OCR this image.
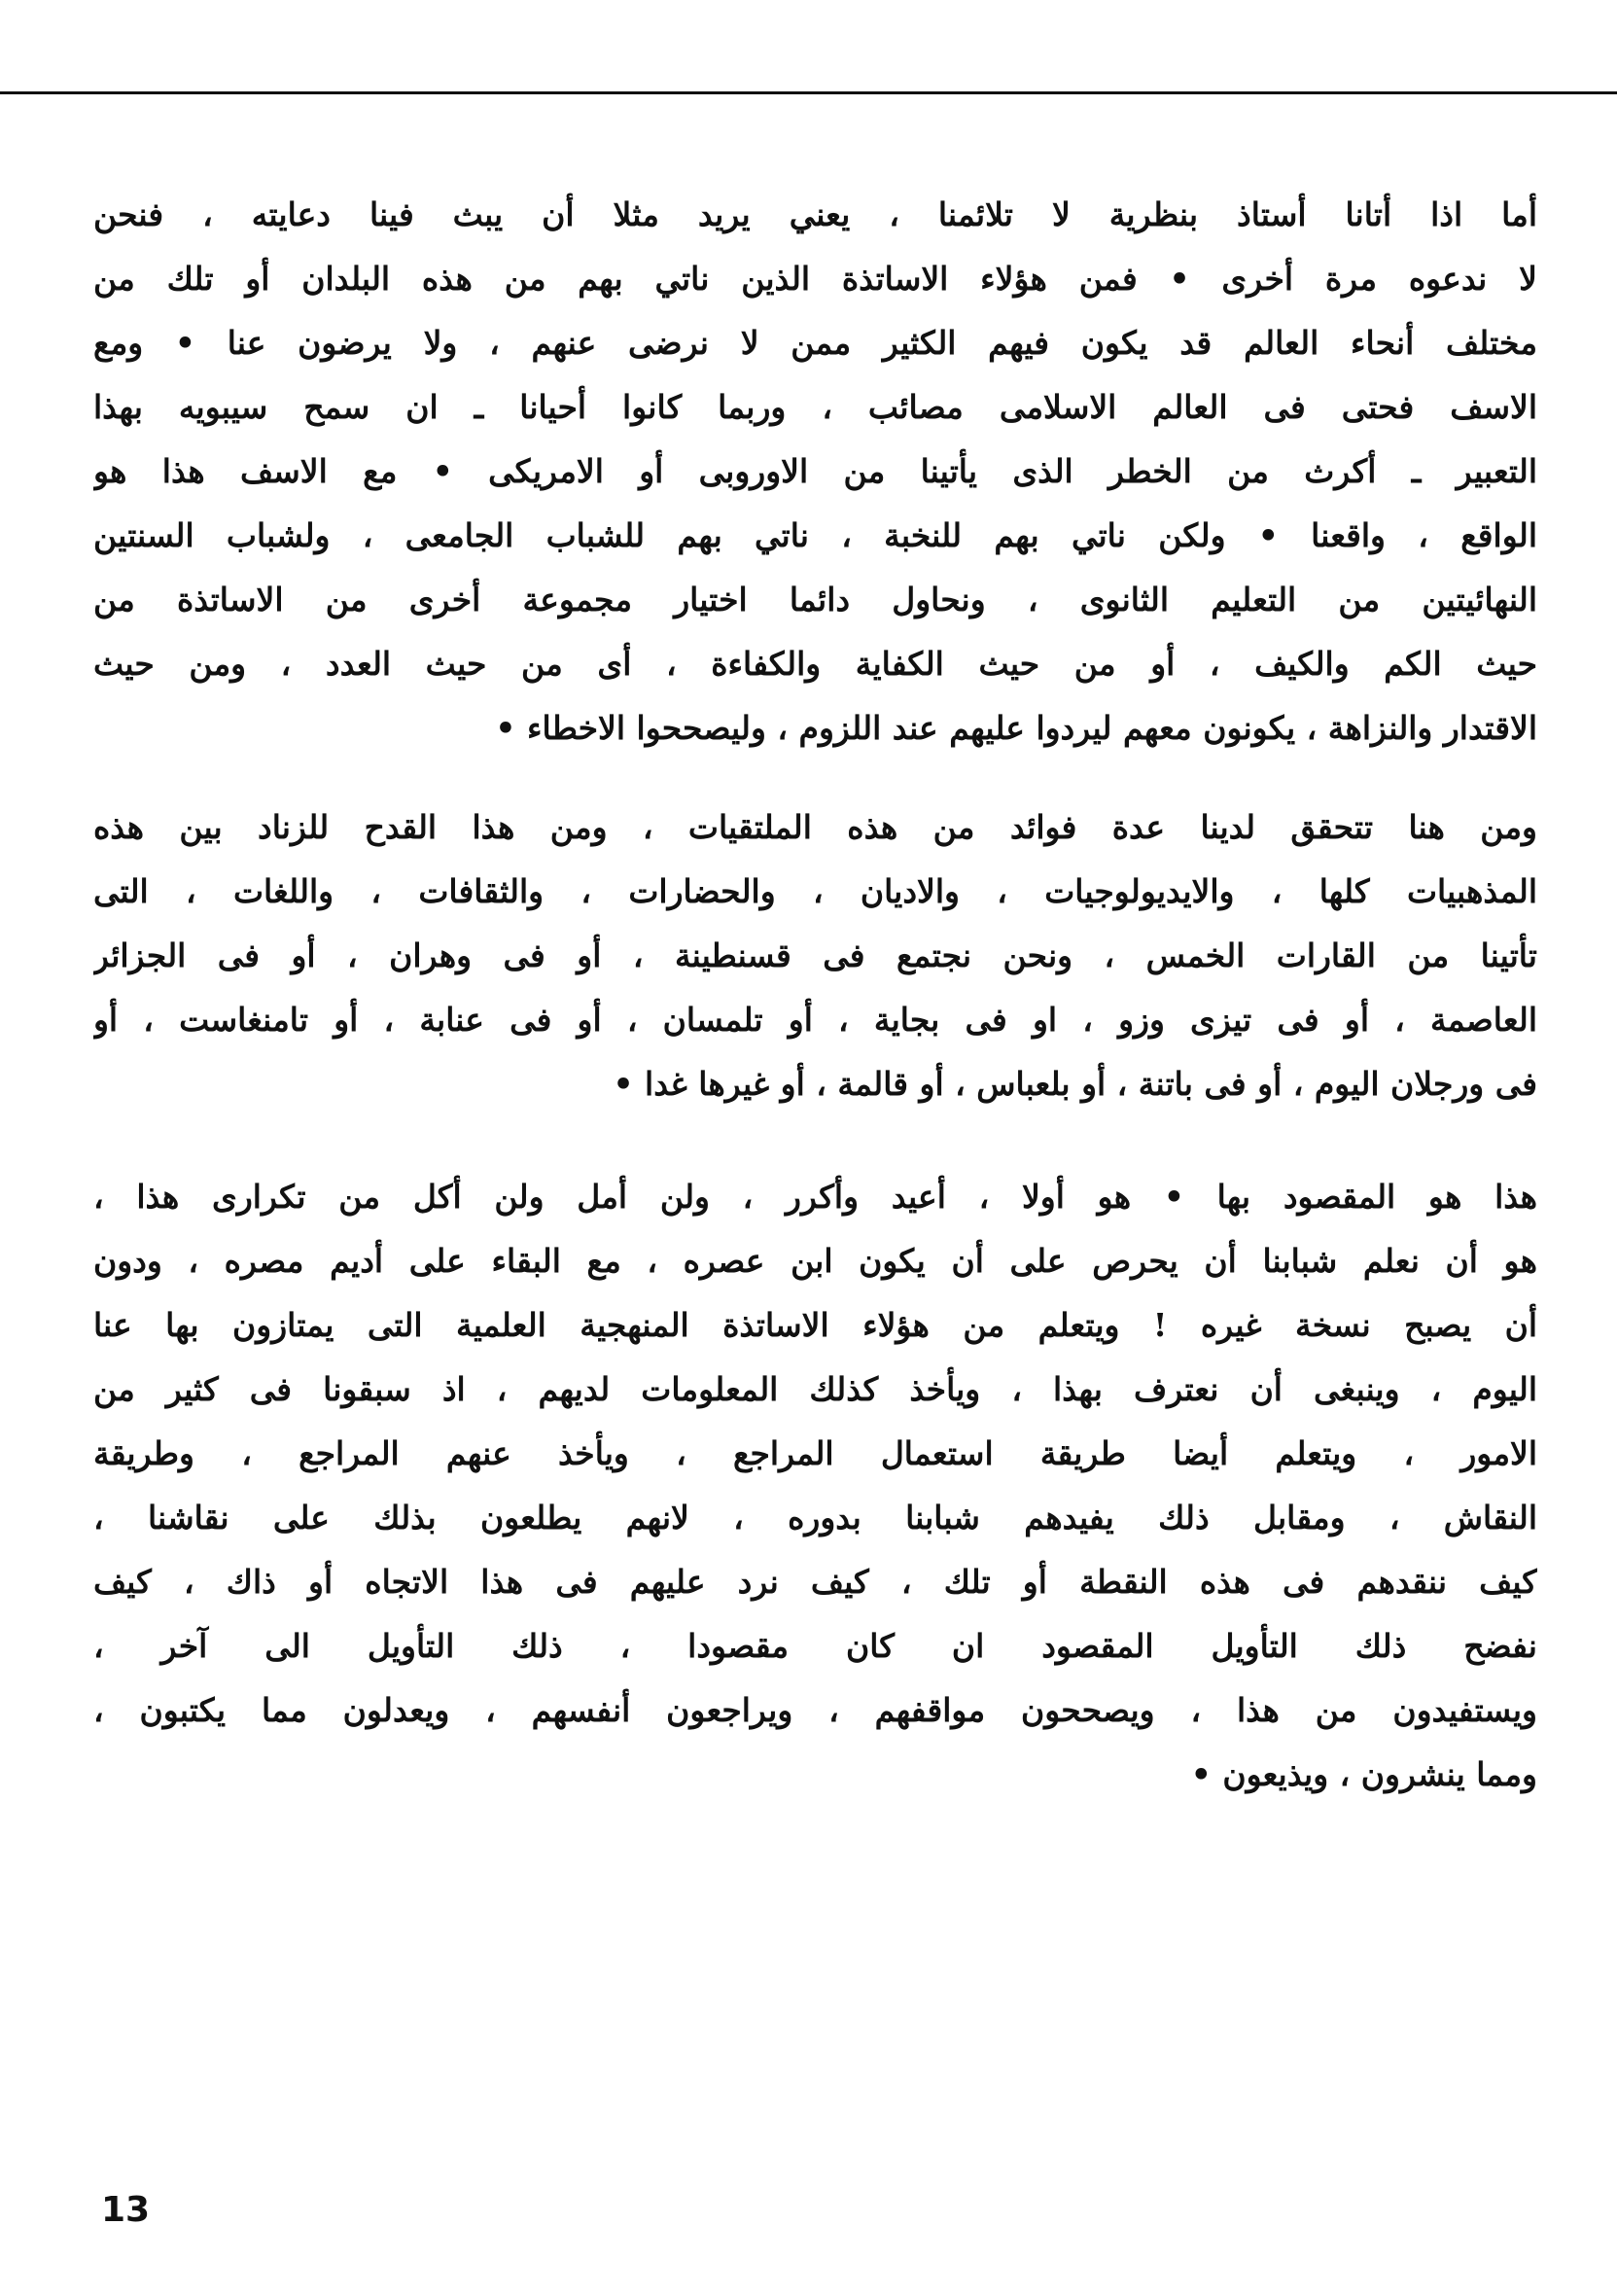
أما اذا أتانا أستاذ بنظرية لا تلائمنا ، يعني يريد مثلا أن يبث فينا دعايته ، فنحن
لا ندعوه مرة أخرى • فمن هؤلاء الاساتذة الذين ناتي بهم من هذه البلدان أو تلك من
مختلف أنحاء العالم قد يكون فيهم الكثير ممن لا نرضى عنهم ، ولا يرضون عنا • ومع
الاسف فحتى فى العالم الاسلامى مصائب ، وربما كانوا أحيانا ـ ان سمح سيبويه بهذا
التعبير ـ أكرث من الخطر الذى يأتينا من الاوروبى أو الامريكى • مع الاسف هذا هو
الواقع ، واقعنا • ولكن ناتي بهم للنخبة ، ناتي بهم للشباب الجامعى ، ولشباب السنتين
النهائيتين من التعليم الثانوى ، ونحاول دائما اختيار مجموعة أخرى من الاساتذة من
حيث الكم والكيف ، أو من حيث الكفاية والكفاءة ، أى من حيث العدد ، ومن حيث
الاقتدار والنزاهة ، يكونون معهم ليردوا عليهم عند اللزوم ، وليصححوا الاخطاء •
ومن هنا تتحقق لدينا عدة فوائد من هذه الملتقيات ، ومن هذا القدح للزناد بين هذه
المذهبيات كلها ، والايديولوجيات ، والاديان ، والحضارات ، والثقافات ، واللغات ، التى
تأتينا من القارات الخمس ، ونحن نجتمع فى قسنطينة ، أو فى وهران ، أو فى الجزائر
العاصمة ، أو فى تيزى وزو ، او فى بجاية ، أو تلمسان ، أو فى عنابة ، أو تامنغاست ، أو
فى ورجلان اليوم ، أو فى باتنة ، أو بلعباس ، أو قالمة ، أو غيرها غدا •
هذا هو المقصود بها • هو أولا ، أعيد وأكرر ، ولن أمل ولن أكل من تكرارى هذا ،
هو أن نعلم شبابنا أن يحرص على أن يكون ابن عصره ، مع البقاء على أديم مصره ، ودون
أن يصبح نسخة غيره ! ويتعلم من هؤلاء الاساتذة المنهجية العلمية التى يمتازون بها عنا
اليوم ، وينبغى أن نعترف بهذا ، ويأخذ كذلك المعلومات لديهم ، اذ سبقونا فى كثير من
الامور ، ويتعلم أيضا طريقة استعمال المراجع ، ويأخذ عنهم المراجع ، وطريقة
النقاش ، ومقابل ذلك يفيدهم شبابنا بدوره ، لانهم يطلعون بذلك على نقاشنا ،
كيف ننقدهم فى هذه النقطة أو تلك ، كيف نرد عليهم فى هذا الاتجاه أو ذاك ، كيف
نفضح ذلك التأويل المقصود ان كان مقصودا ، ذلك التأويل الى آخر ،
ويستفيدون من هذا ، ويصححون مواقفهم ، ويراجعون أنفسهم ، ويعدلون مما يكتبون ،
ومما ينشرون ، ويذيعون •
13
